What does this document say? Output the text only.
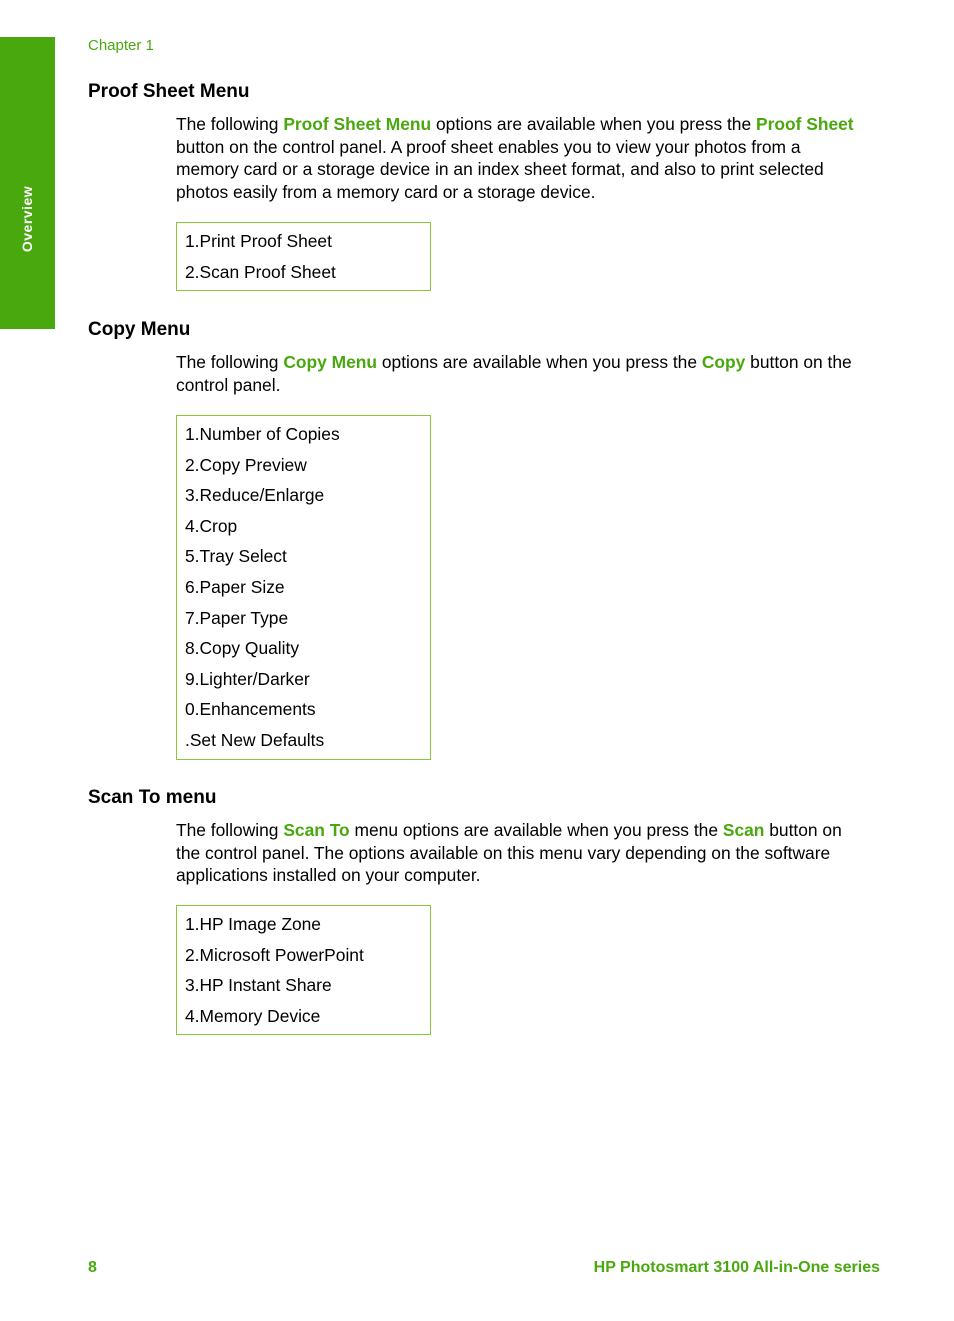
Overview
Chapter 1
Proof Sheet Menu

The following Proof Sheet Menu options are available when you press the Proof Sheet button on the control panel. A proof sheet enables you to view your photos from a memory card or a storage device in an index sheet format, and also to print selected photos easily from a memory card or a storage device.

1.Print Proof Sheet
2.Scan Proof Sheet
Copy Menu

The following Copy Menu options are available when you press the Copy button on the control panel.

1.Number of Copies
2.Copy Preview
3.Reduce/Enlarge
4.Crop
5.Tray Select
6.Paper Size
7.Paper Type
8.Copy Quality
9.Lighter/Darker
0.Enhancements
.Set New Defaults
Scan To menu

The following Scan To menu options are available when you press the Scan button on the control panel. The options available on this menu vary depending on the software applications installed on your computer.

1.HP Image Zone
2.Microsoft PowerPoint
3.HP Instant Share
4.Memory Device
8	HP Photosmart 3100 All-in-One series
